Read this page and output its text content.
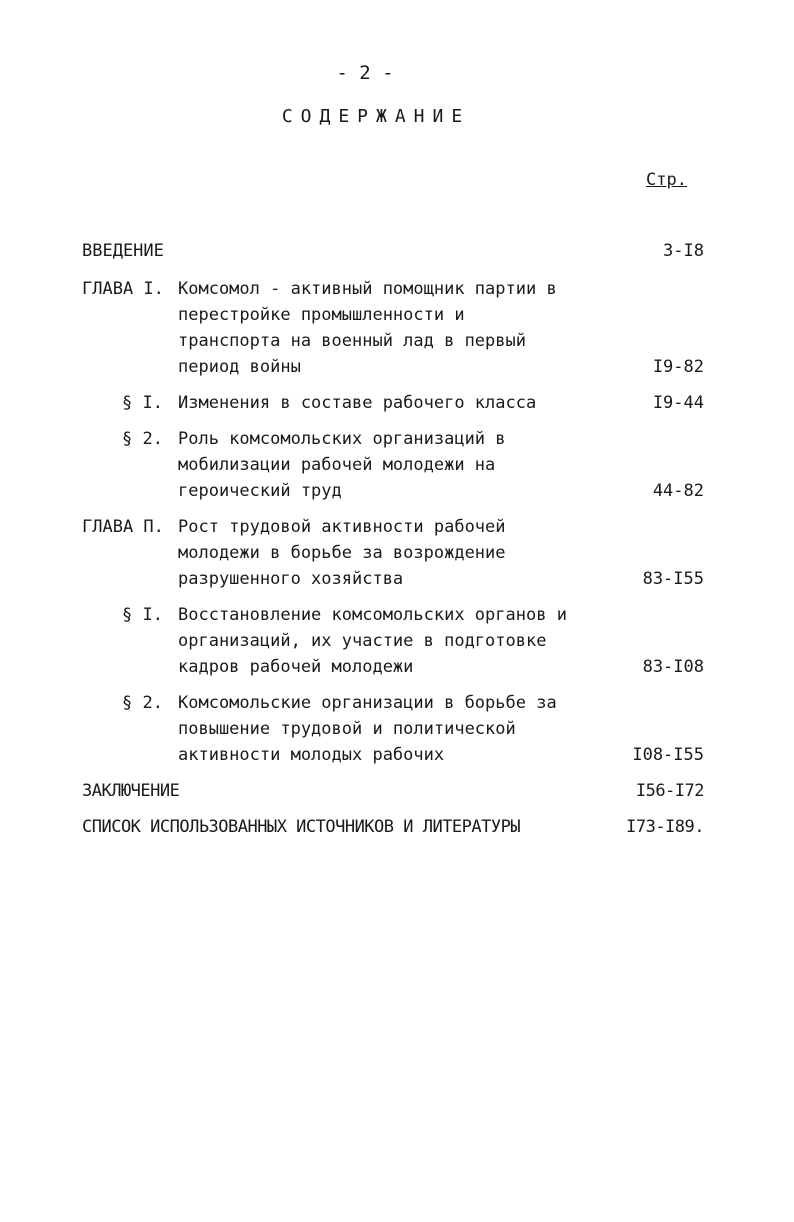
- 2 -
СОДЕРЖАНИЕ
Стр.
ВВЕДЕНИЕ	3-I8
ГЛАВА I. Комсомол - активный помощник партии в перестройке промышленности и транспорта на военный лад в первый период войны	I9-82
§ I. Изменения в составе рабочего класса	I9-44
§ 2. Роль комсомольских организаций в мобилизации рабочей молодежи на героический труд	44-82
ГЛАВА П. Рост трудовой активности рабочей молодежи в борьбе за возрождение разрушенного хозяйства	83-I55
§ I. Восстановление комсомольских органов и организаций, их участие в подготовке кадров рабочей молодежи	83-I08
§ 2. Комсомольские организации в борьбе за повышение трудовой и политической активности молодых рабочих	I08-I55
ЗАКЛЮЧЕНИЕ	I56-I72
СПИСОК ИСПОЛЬЗОВАННЫХ ИСТОЧНИКОВ И ЛИТЕРАТУРЫ	I73-I89.
